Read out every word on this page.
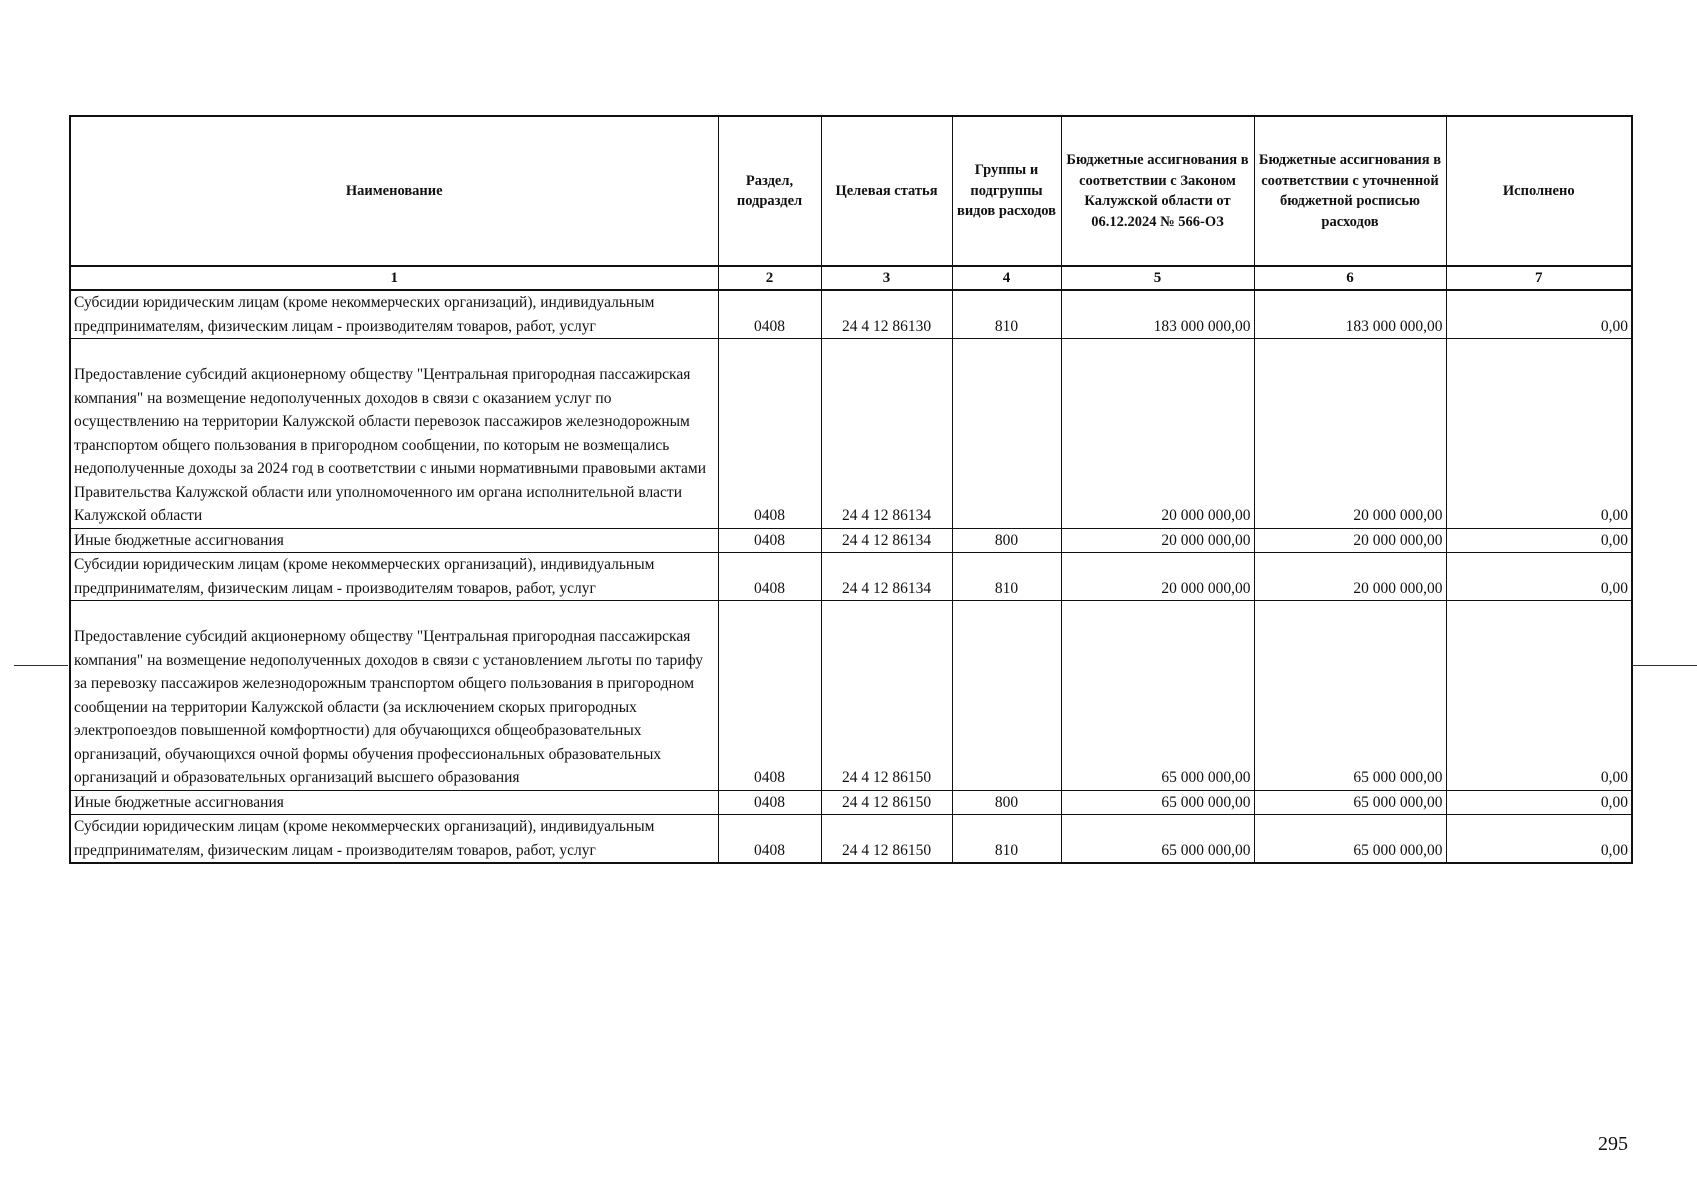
Наименование	Раздел, подраздел	Целевая статья	Группы и подгруппы видов расходов	Бюджетные ассигнования в соответствии с Законом Калужской области от 06.12.2024 № 566-ОЗ	Бюджетные ассигнования в соответствии с уточненной бюджетной росписью расходов	Исполнено
1	2	3	4	5	6	7
Субсидии юридическим лицам (кроме некоммерческих организаций), индивидуальным предпринимателям, физическим лицам - производителям товаров, работ, услуг	0408	24 4 12 86130	810	183 000 000,00	183 000 000,00	0,00
Предоставление субсидий акционерному обществу "Центральная пригородная пассажирская компания" на возмещение недополученных доходов в связи с оказанием услуг по осуществлению на территории Калужской области перевозок пассажиров железнодорожным транспортом общего пользования в пригородном сообщении, по которым не возмещались недополученные доходы за 2024 год в соответствии с иными нормативными правовыми актами Правительства Калужской области или уполномоченного им органа исполнительной власти Калужской области	0408	24 4 12 86134		20 000 000,00	20 000 000,00	0,00
Иные бюджетные ассигнования	0408	24 4 12 86134	800	20 000 000,00	20 000 000,00	0,00
Субсидии юридическим лицам (кроме некоммерческих организаций), индивидуальным предпринимателям, физическим лицам - производителям товаров, работ, услуг	0408	24 4 12 86134	810	20 000 000,00	20 000 000,00	0,00
Предоставление субсидий акционерному обществу "Центральная пригородная пассажирская компания" на возмещение недополученных доходов в связи с установлением льготы по тарифу за перевозку пассажиров железнодорожным транспортом общего пользования в пригородном сообщении на территории Калужской области (за исключением скорых пригородных электропоездов повышенной комфортности) для обучающихся общеобразовательных организаций, обучающихся очной формы обучения профессиональных образовательных организаций и образовательных организаций высшего образования	0408	24 4 12 86150		65 000 000,00	65 000 000,00	0,00
Иные бюджетные ассигнования	0408	24 4 12 86150	800	65 000 000,00	65 000 000,00	0,00
Субсидии юридическим лицам (кроме некоммерческих организаций), индивидуальным предпринимателям, физическим лицам - производителям товаров, работ, услуг	0408	24 4 12 86150	810	65 000 000,00	65 000 000,00	0,00
295
